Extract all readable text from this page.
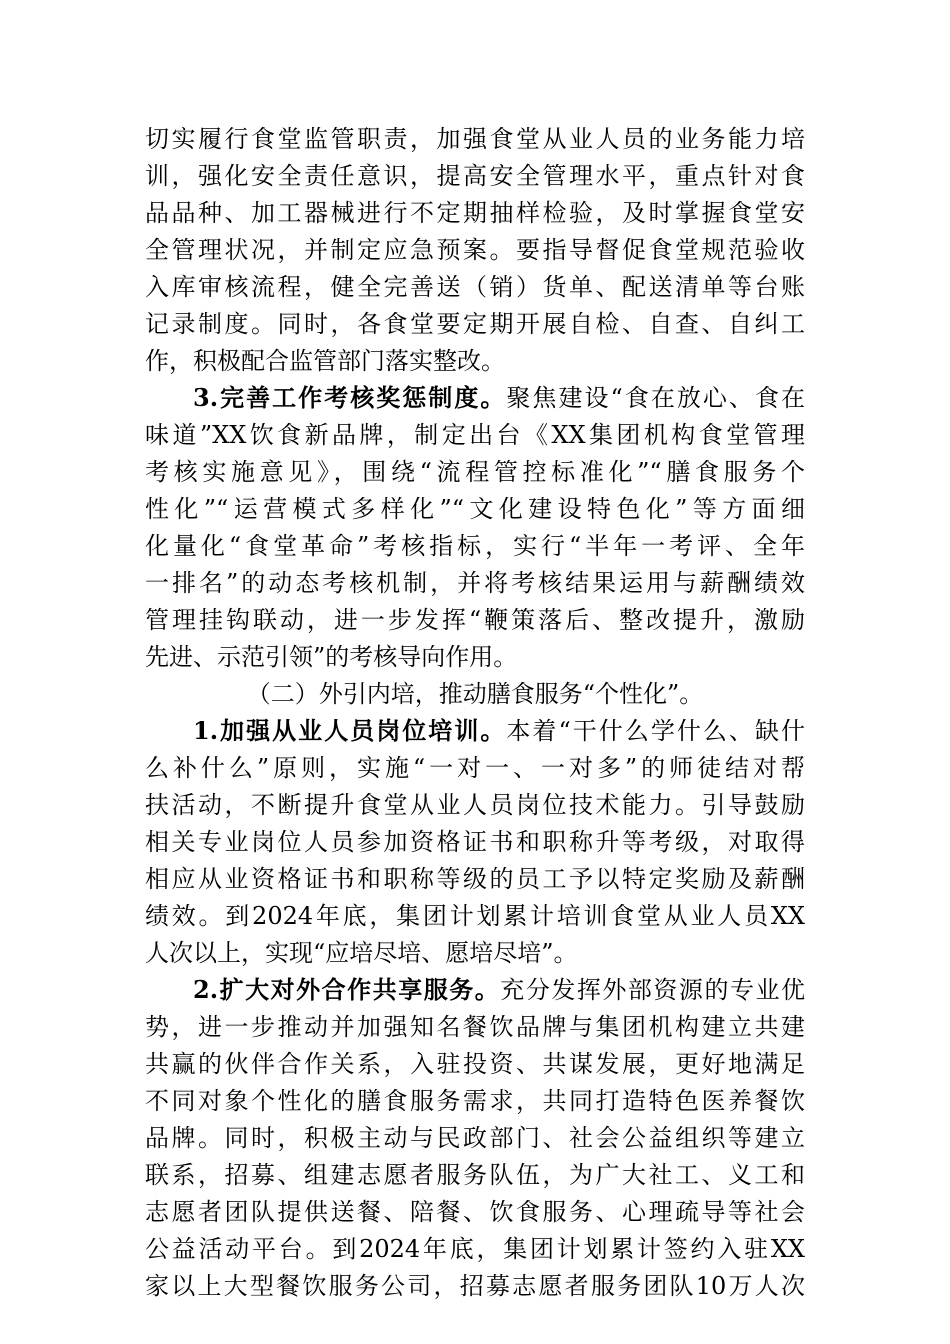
切实履行食堂监管职责，加强食堂从业人员的业务能力培
训，强化安全责任意识，提高安全管理水平，重点针对食
品品种、加工器械进行不定期抽样检验，及时掌握食堂安
全管理状况，并制定应急预案。要指导督促食堂规范验收
入库审核流程，健全完善送（销）货单、配送清单等台账
记录制度。同时，各食堂要定期开展自检、自查、自纠工
作，积极配合监管部门落实整改。
3.完善工作考核奖惩制度。聚焦建设“食在放心、食在
味道”XX饮食新品牌，制定出台《XX集团机构食堂管理
考核实施意见》，围绕“流程管控标准化”“膳食服务个
性化”“运营模式多样化”“文化建设特色化”等方面细
化量化“食堂革命”考核指标，实行“半年一考评、全年
一排名”的动态考核机制，并将考核结果运用与薪酬绩效
管理挂钩联动，进一步发挥“鞭策落后、整改提升，激励
先进、示范引领”的考核导向作用。
（二）外引内培，推动膳食服务“个性化”。
1.加强从业人员岗位培训。本着“干什么学什么、缺什
么补什么”原则，实施“一对一、一对多”的师徒结对帮
扶活动，不断提升食堂从业人员岗位技术能力。引导鼓励
相关专业岗位人员参加资格证书和职称升等考级，对取得
相应从业资格证书和职称等级的员工予以特定奖励及薪酬
绩效。到2024年底，集团计划累计培训食堂从业人员XX
人次以上，实现“应培尽培、愿培尽培”。
2.扩大对外合作共享服务。充分发挥外部资源的专业优
势，进一步推动并加强知名餐饮品牌与集团机构建立共建
共赢的伙伴合作关系，入驻投资、共谋发展，更好地满足
不同对象个性化的膳食服务需求，共同打造特色医养餐饮
品牌。同时，积极主动与民政部门、社会公益组织等建立
联系，招募、组建志愿者服务队伍，为广大社工、义工和
志愿者团队提供送餐、陪餐、饮食服务、心理疏导等社会
公益活动平台。到2024年底，集团计划累计签约入驻XX
家以上大型餐饮服务公司，招募志愿者服务团队10万人次
